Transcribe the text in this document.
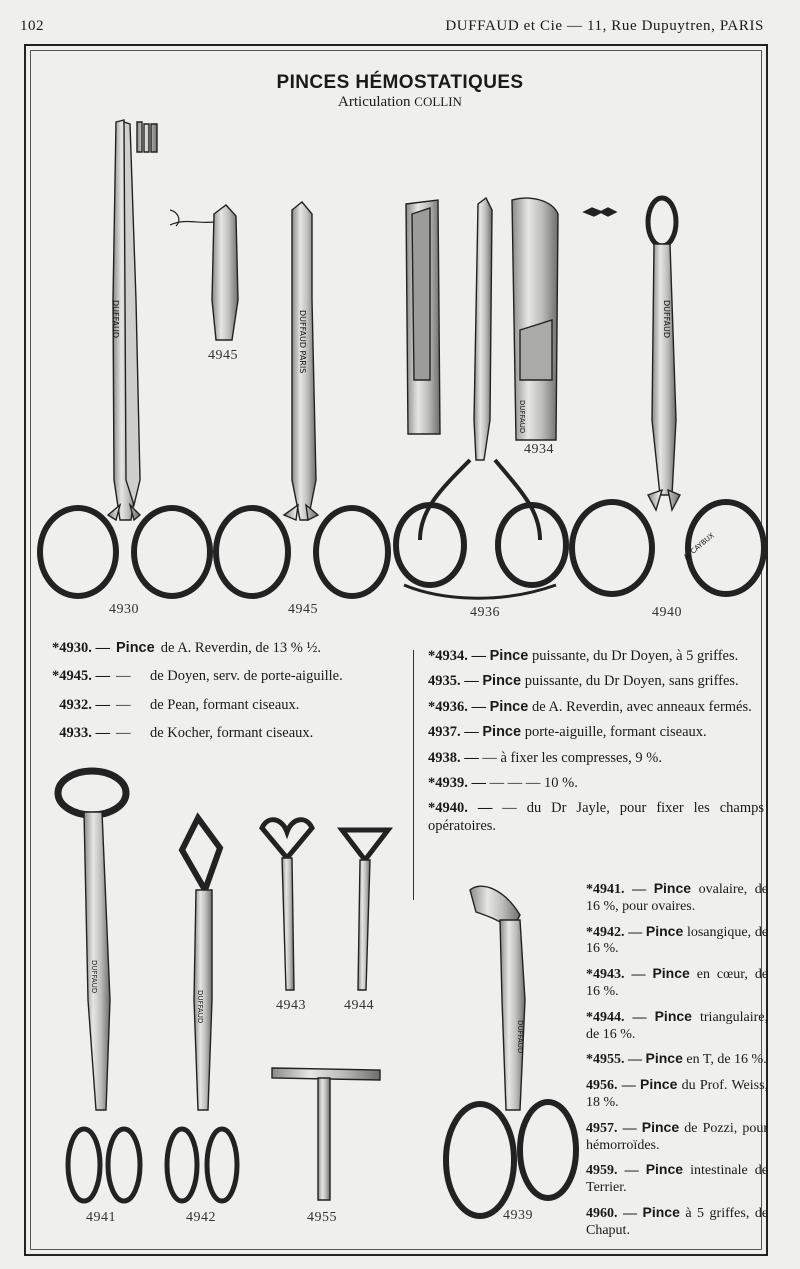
102	DUFFAUD et Cie — 11, Rue Dupuytren, PARIS
PINCES HÉMOSTATIQUES
Articulation COLLIN
DUFFAUD	DUFFAUD PARIS
DUFFAUD
DUFFAUD
A. CAYBUX
DUFFAUD
DUFFAUD
DUFFAUD
4930
4945
4945
4934
4936	4940
4941	4942
4943	4944
4955	4939
*4930. — Pince de A. Reverdin, de 13 % ½.
*4945. — —	de Doyen, serv. de porte-aiguille.
4932. — —	de Pean, formant ciseaux.
4933. — —	de Kocher, formant ciseaux.
*4934. — Pince puissante, du Dr Doyen, à 5 griffes.
4935. — Pince puissante, du Dr Doyen, sans griffes.
*4936. — Pince de A. Reverdin, avec anneaux fermés.
4937. — Pince porte-aiguille, formant ciseaux.
4938. — — à fixer les compresses, 9 %.
*4939. — — — — 10 %.
*4940. — — du Dr Jayle, pour fixer les champs opératoires.
*4941. — Pince ovalaire, de 16 %, pour ovaires.
*4942. — Pince losangique, de 16 %.
*4943. — Pince en cœur, de 16 %.
*4944. — Pince triangulaire, de 16 %.
*4955. — Pince en T, de 16 %.
4956. — Pince du Prof. Weiss, 18 %.
4957. — Pince de Pozzi, pour hémorroïdes.
4959. — Pince intestinale de Terrier.
4960. — Pince à 5 griffes, de Chaput.
